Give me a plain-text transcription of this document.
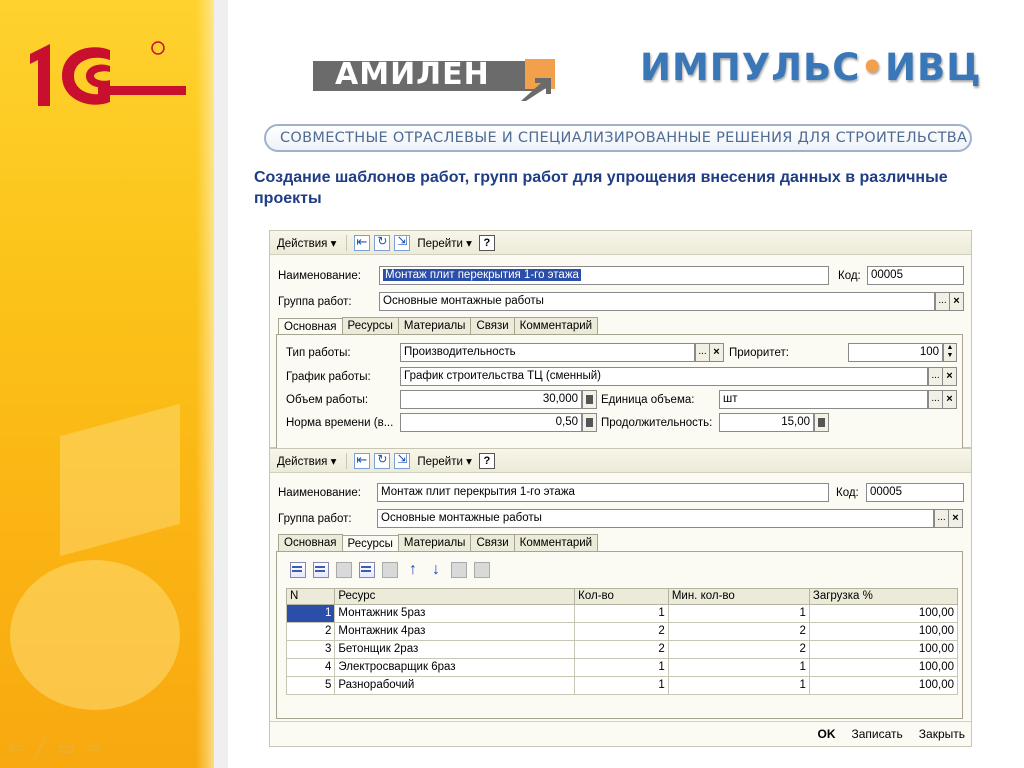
⇦ ╱ ▭ ⇨
АМИЛЕН	ИМПУЛЬС•ИВЦ
СОВМЕСТНЫЕ ОТРАСЛЕВЫЕ И СПЕЦИАЛИЗИРОВАННЫЕ РЕШЕНИЯ ДЛЯ СТРОИТЕЛЬСТВА
Создание шаблонов работ, групп работ для упрощения внесения данных в различные проекты
Действия ▾ ⇤ ↻ ⇲	Перейти ▾	?
Наименование:	Монтаж плит перекрытия 1-го этажа	Код: 00005
Группа работ:	Основные монтажные работы	... ×
Основная Ресурсы Материалы Связи Комментарий
Тип работы:	Производительность	... × Приоритет:	100	▲
▼
График работы:	График строительства ТЦ (сменный)	... ×
Объем работы:	30,000	Единица объема:	шт	... ×
Норма времени (в...	0,50	Продолжительность:	15,00
Действия ▾ ⇤ ↻ ⇲	Перейти ▾	?
Наименование:	Монтаж плит перекрытия 1-го этажа	Код: 00005
Группа работ:	Основные монтажные работы	... ×
Основная Ресурсы Материалы Связи Комментарий
↑ ↓
N	Ресурс	Кол-во	Мин. кол-во	Загрузка %
1	Монтажник 5раз	1	1	100,00
2	Монтажник 4раз	2	2	100,00
3	Бетонщик 2раз	2	2	100,00
4	Электросварщик 6раз	1	1	100,00
5	Разнорабочий	1	1	100,00
OK Записать Закрыть
